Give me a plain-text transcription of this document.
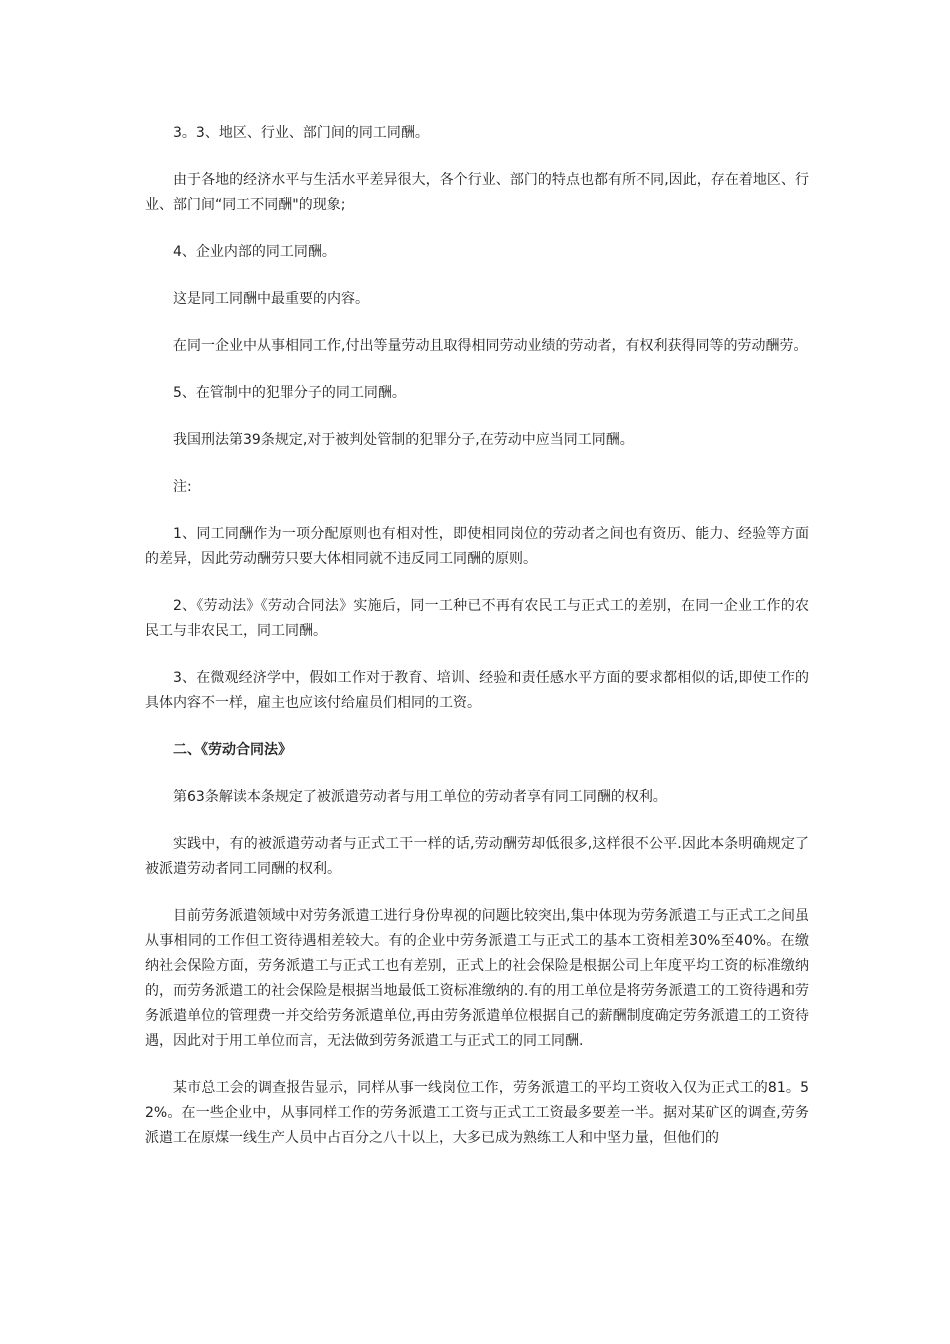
3。3、地区、行业、部门间的同工同酬。

由于各地的经济水平与生活水平差异很大，各个行业、部门的特点也都有所不同,因此，存在着地区、行业、部门间“同工不同酬"的现象;

4、企业内部的同工同酬。

这是同工同酬中最重要的内容。

在同一企业中从事相同工作,付出等量劳动且取得相同劳动业绩的劳动者，有权利获得同等的劳动酬劳。

5、在管制中的犯罪分子的同工同酬。

我国刑法第39条规定,对于被判处管制的犯罪分子,在劳动中应当同工同酬。

注:

1、同工同酬作为一项分配原则也有相对性，即使相同岗位的劳动者之间也有资历、能力、经验等方面的差异，因此劳动酬劳只要大体相同就不违反同工同酬的原则。

2、《劳动法》《劳动合同法》实施后，同一工种已不再有农民工与正式工的差别，在同一企业工作的农民工与非农民工，同工同酬。

3、在微观经济学中，假如工作对于教育、培训、经验和责任感水平方面的要求都相似的话,即使工作的具体内容不一样，雇主也应该付给雇员们相同的工资。

二、《劳动合同法》

第63条解读本条规定了被派遣劳动者与用工单位的劳动者享有同工同酬的权利。

实践中，有的被派遣劳动者与正式工干一样的话,劳动酬劳却低很多,这样很不公平.因此本条明确规定了被派遣劳动者同工同酬的权利。

目前劳务派遣领域中对劳务派遣工进行身份卑视的问题比较突出,集中体现为劳务派遣工与正式工之间虽从事相同的工作但工资待遇相差较大。有的企业中劳务派遣工与正式工的基本工资相差30%至40%。在缴纳社会保险方面，劳务派遣工与正式工也有差别，正式上的社会保险是根据公司上年度平均工资的标准缴纳的，而劳务派遣工的社会保险是根据当地最低工资标准缴纳的.有的用工单位是将劳务派遣工的工资待遇和劳务派遣单位的管理费一并交给劳务派遣单位,再由劳务派遣单位根据自己的薪酬制度确定劳务派遣工的工资待遇，因此对于用工单位而言，无法做到劳务派遣工与正式工的同工同酬.

某市总工会的调查报告显示，同样从事一线岗位工作，劳务派遣工的平均工资收入仅为正式工的81。52%。在一些企业中，从事同样工作的劳务派遣工工资与正式工工资最多要差一半。据对某矿区的调查,劳务派遣工在原煤一线生产人员中占百分之八十以上，大多已成为熟练工人和中坚力量，但他们的
